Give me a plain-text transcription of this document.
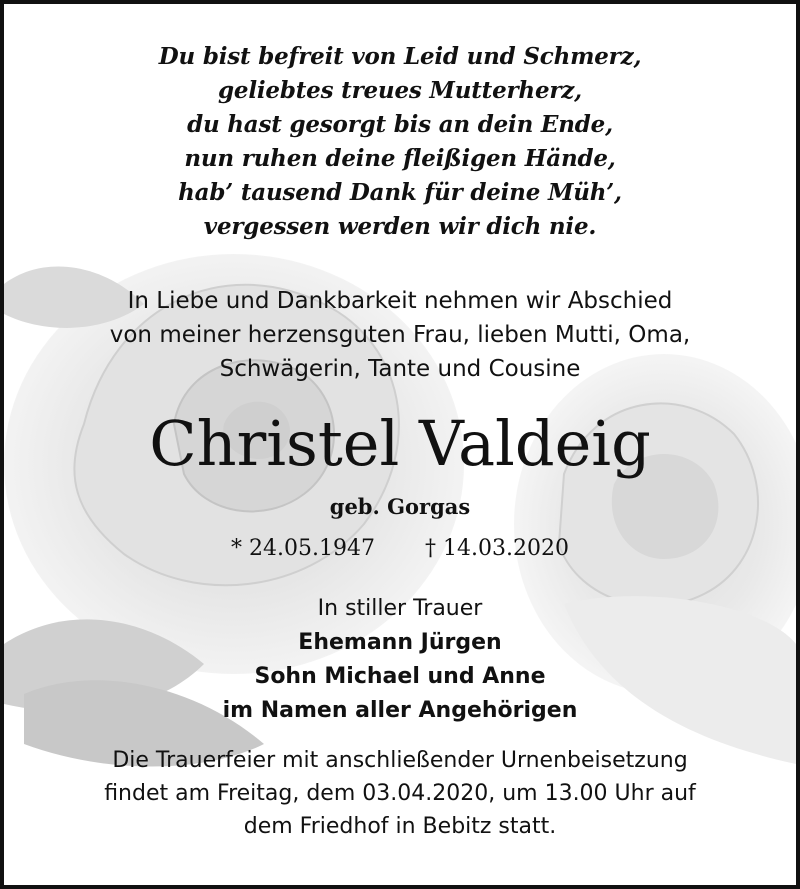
Du bist befreit von Leid und Schmerz,
geliebtes treues Mutterherz,
du hast gesorgt bis an dein Ende,
nun ruhen deine fleißigen Hände,
hab’ tausend Dank für deine Müh’,
vergessen werden wir dich nie.
In Liebe und Dankbarkeit nehmen wir Abschied
von meiner herzensguten Frau, lieben Mutti, Oma,
Schwägerin, Tante und Cousine
Christel Valdeig
geb. Gorgas
* 24.05.1947 † 14.03.2020
In stiller Trauer
Ehemann Jürgen
Sohn Michael und Anne
im Namen aller Angehörigen
Die Trauerfeier mit anschließender Urnenbeisetzung
findet am Freitag, dem 03.04.2020, um 13.00 Uhr auf
dem Friedhof in Bebitz statt.
